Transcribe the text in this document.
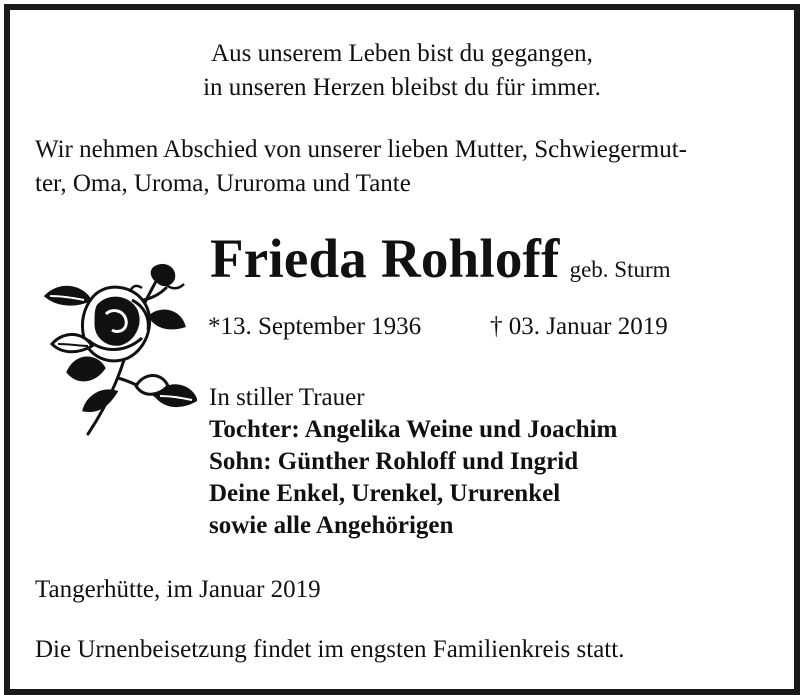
Aus unserem Leben bist du gegangen,
in unseren Herzen bleibst du für immer.
Wir nehmen Abschied von unserer lieben Mutter, Schwiegermut-
ter, Oma, Uroma, Ururoma und Tante
Frieda Rohloff geb. Sturm
*13. September 1936	† 03. Januar 2019
In stiller Trauer
Tochter: Angelika Weine und Joachim
Sohn: Günther Rohloff und Ingrid
Deine Enkel, Urenkel, Ururenkel
sowie alle Angehörigen
Tangerhütte, im Januar 2019
Die Urnenbeisetzung findet im engsten Familienkreis statt.
